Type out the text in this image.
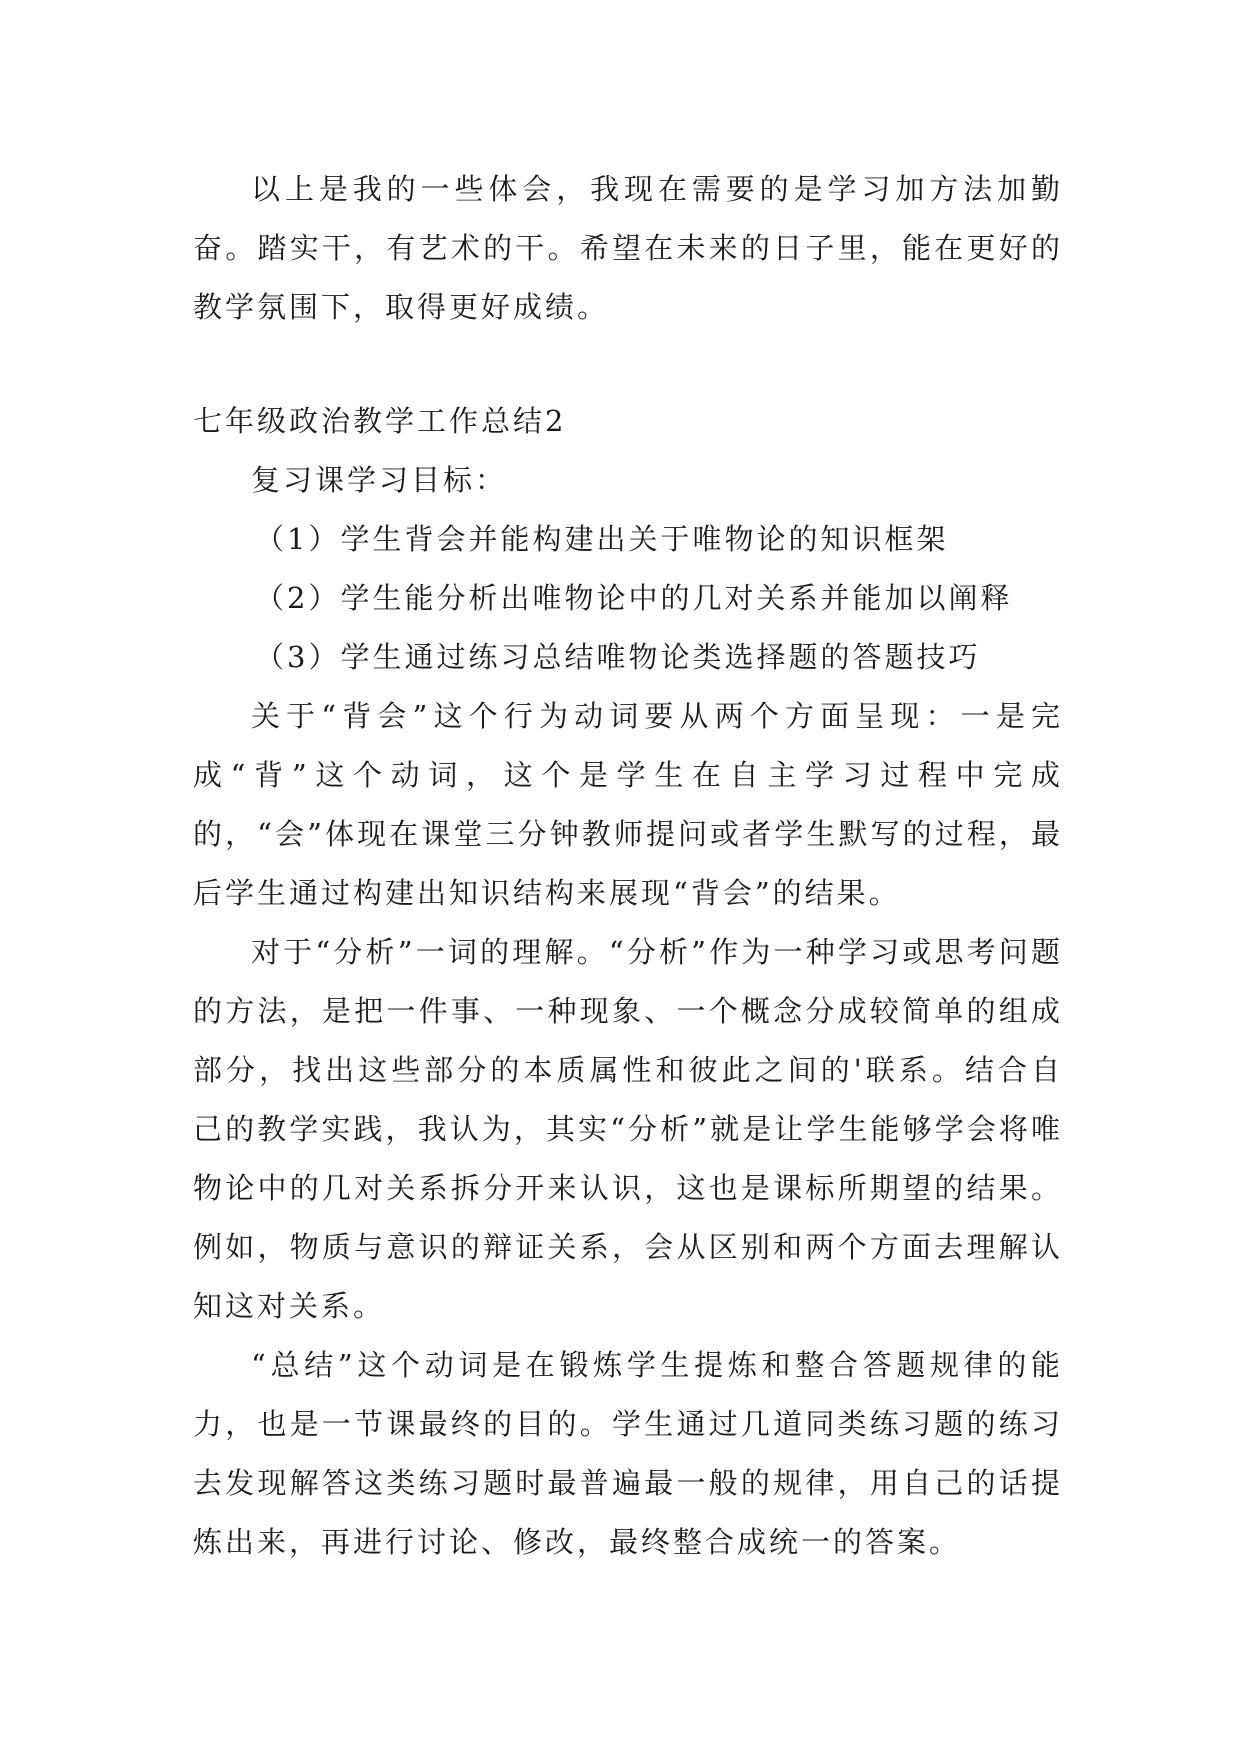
以上是我的一些体会，我现在需要的是学习加方法加勤奋。踏实干，有艺术的干。希望在未来的日子里，能在更好的教学氛围下，取得更好成绩。

七年级政治教学工作总结2

复习课学习目标：

（1）学生背会并能构建出关于唯物论的知识框架

（2）学生能分析出唯物论中的几对关系并能加以阐释

（3）学生通过练习总结唯物论类选择题的答题技巧

关于“背会”这个行为动词要从两个方面呈现：一是完成“背”这个动词，这个是学生在自主学习过程中完成的，“会”体现在课堂三分钟教师提问或者学生默写的过程，最后学生通过构建出知识结构来展现“背会”的结果。

对于“分析”一词的理解。“分析”作为一种学习或思考问题的方法，是把一件事、一种现象、一个概念分成较简单的组成部分，找出这些部分的本质属性和彼此之间的'联系。结合自己的教学实践，我认为，其实“分析”就是让学生能够学会将唯物论中的几对关系拆分开来认识，这也是课标所期望的结果。例如，物质与意识的辩证关系，会从区别和两个方面去理解认知这对关系。

“总结”这个动词是在锻炼学生提炼和整合答题规律的能力，也是一节课最终的目的。学生通过几道同类练习题的练习去发现解答这类练习题时最普遍最一般的规律，用自己的话提炼出来，再进行讨论、修改，最终整合成统一的答案。
